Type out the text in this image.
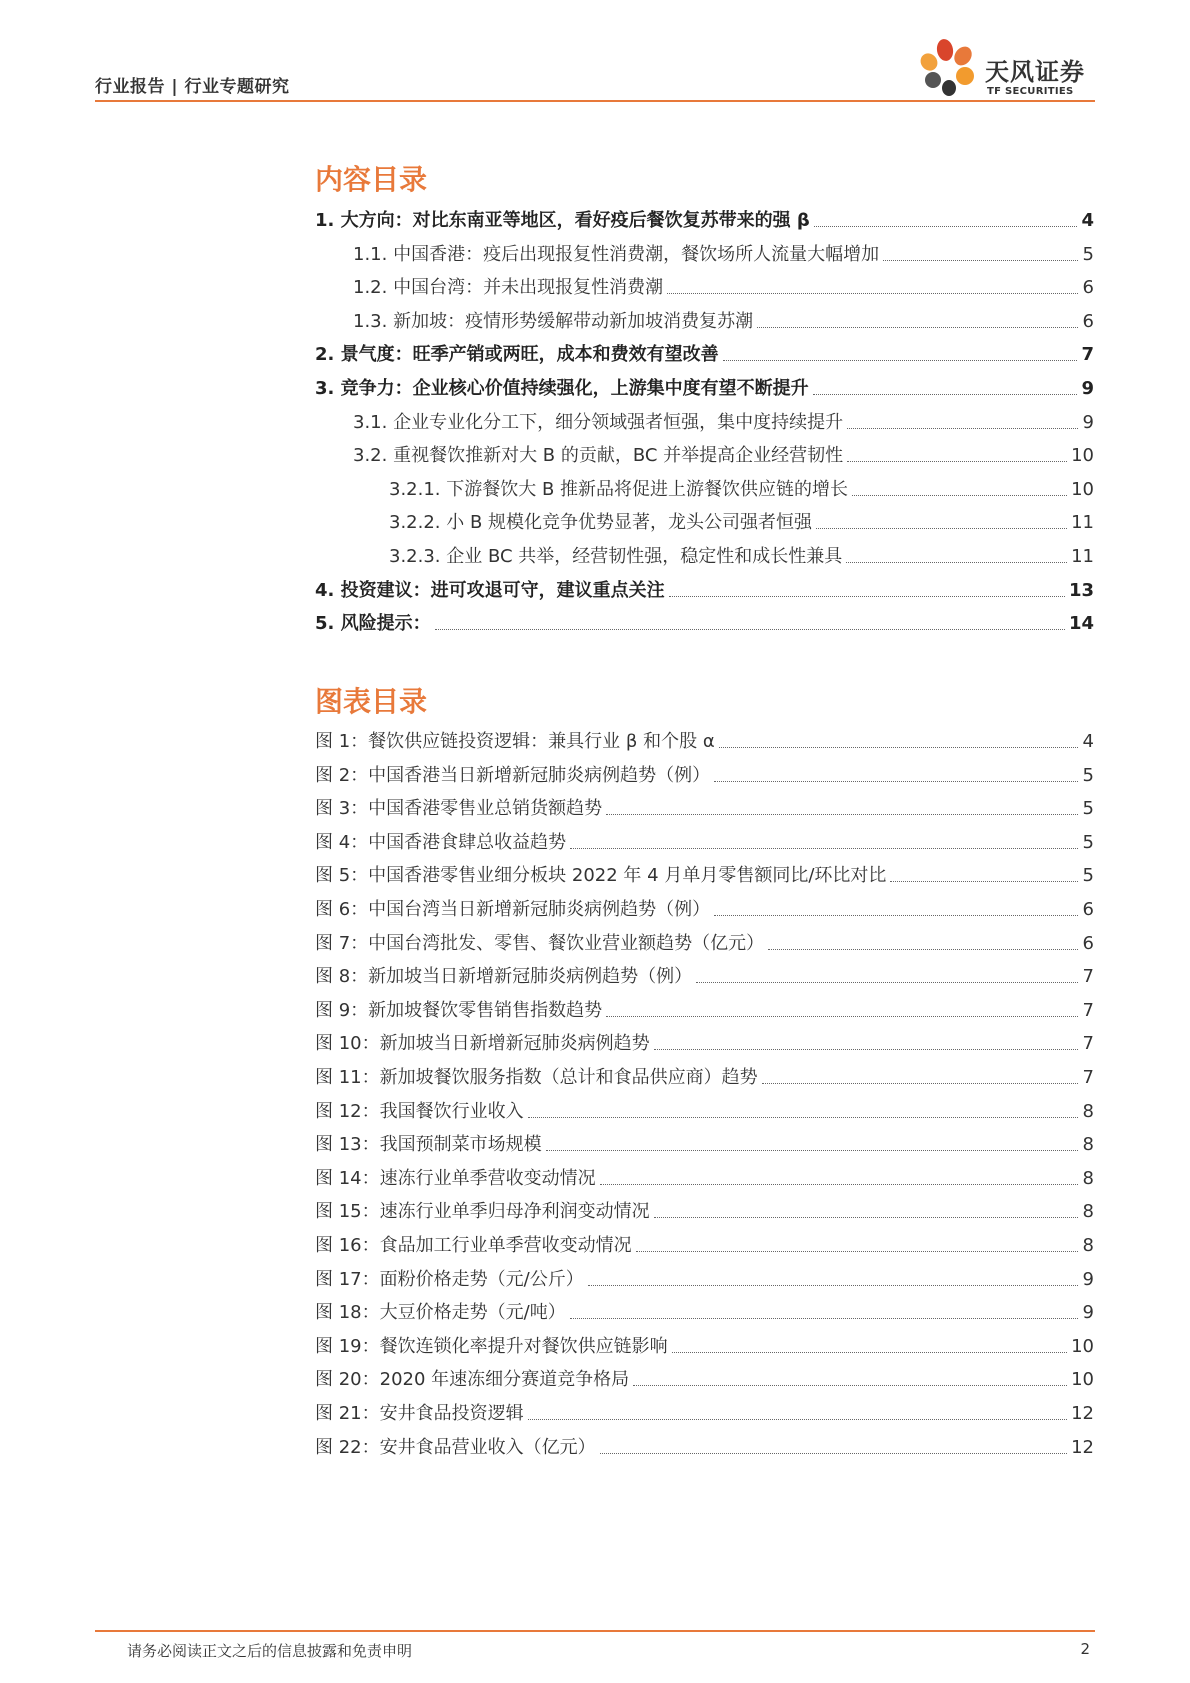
行业报告 | 行业专题研究
天风证券
TF SECURITIES
内容目录
1. 大方向：对比东南亚等地区，看好疫后餐饮复苏带来的强 β	4
1.1. 中国香港：疫后出现报复性消费潮，餐饮场所人流量大幅增加	5
1.2. 中国台湾：并未出现报复性消费潮	6
1.3. 新加坡：疫情形势缓解带动新加坡消费复苏潮	6
2. 景气度：旺季产销或两旺，成本和费效有望改善	7
3. 竞争力：企业核心价值持续强化，上游集中度有望不断提升	9
3.1. 企业专业化分工下，细分领域强者恒强，集中度持续提升	9
3.2. 重视餐饮推新对大 B 的贡献，BC 并举提高企业经营韧性	10
3.2.1. 下游餐饮大 B 推新品将促进上游餐饮供应链的增长	10
3.2.2. 小 B 规模化竞争优势显著，龙头公司强者恒强	11
3.2.3. 企业 BC 共举，经营韧性强，稳定性和成长性兼具	11
4. 投资建议：进可攻退可守，建议重点关注	13
5. 风险提示：	14
图表目录
图 1：餐饮供应链投资逻辑：兼具行业 β 和个股 α	4
图 2：中国香港当日新增新冠肺炎病例趋势（例）	5
图 3：中国香港零售业总销货额趋势	5
图 4：中国香港食肆总收益趋势	5
图 5：中国香港零售业细分板块 2022 年 4 月单月零售额同比/环比对比	5
图 6：中国台湾当日新增新冠肺炎病例趋势（例）	6
图 7：中国台湾批发、零售、餐饮业营业额趋势（亿元）	6
图 8：新加坡当日新增新冠肺炎病例趋势（例）	7
图 9：新加坡餐饮零售销售指数趋势	7
图 10：新加坡当日新增新冠肺炎病例趋势	7
图 11：新加坡餐饮服务指数（总计和食品供应商）趋势	7
图 12：我国餐饮行业收入	8
图 13：我国预制菜市场规模	8
图 14：速冻行业单季营收变动情况	8
图 15：速冻行业单季归母净利润变动情况	8
图 16：食品加工行业单季营收变动情况	8
图 17：面粉价格走势（元/公斤）	9
图 18：大豆价格走势（元/吨）	9
图 19：餐饮连锁化率提升对餐饮供应链影响	10
图 20：2020 年速冻细分赛道竞争格局	10
图 21：安井食品投资逻辑	12
图 22：安井食品营业收入（亿元）	12
请务必阅读正文之后的信息披露和免责申明	2
